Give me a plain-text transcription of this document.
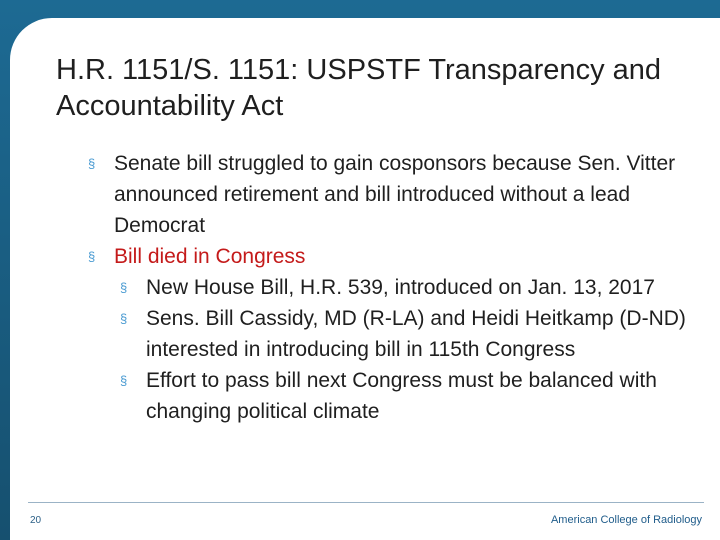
H.R. 1151/S. 1151: USPSTF Transparency and Accountability Act
§ Senate bill struggled to gain cosponsors because Sen. Vitter announced retirement and bill introduced without a lead Democrat
§ Bill died in Congress
§ New House Bill, H.R. 539, introduced on Jan. 13, 2017
§ Sens. Bill Cassidy, MD (R-LA) and Heidi Heitkamp (D-ND) interested in introducing bill in 115th Congress
§ Effort to pass bill next Congress must be balanced with changing political climate
20	American College of Radiology
